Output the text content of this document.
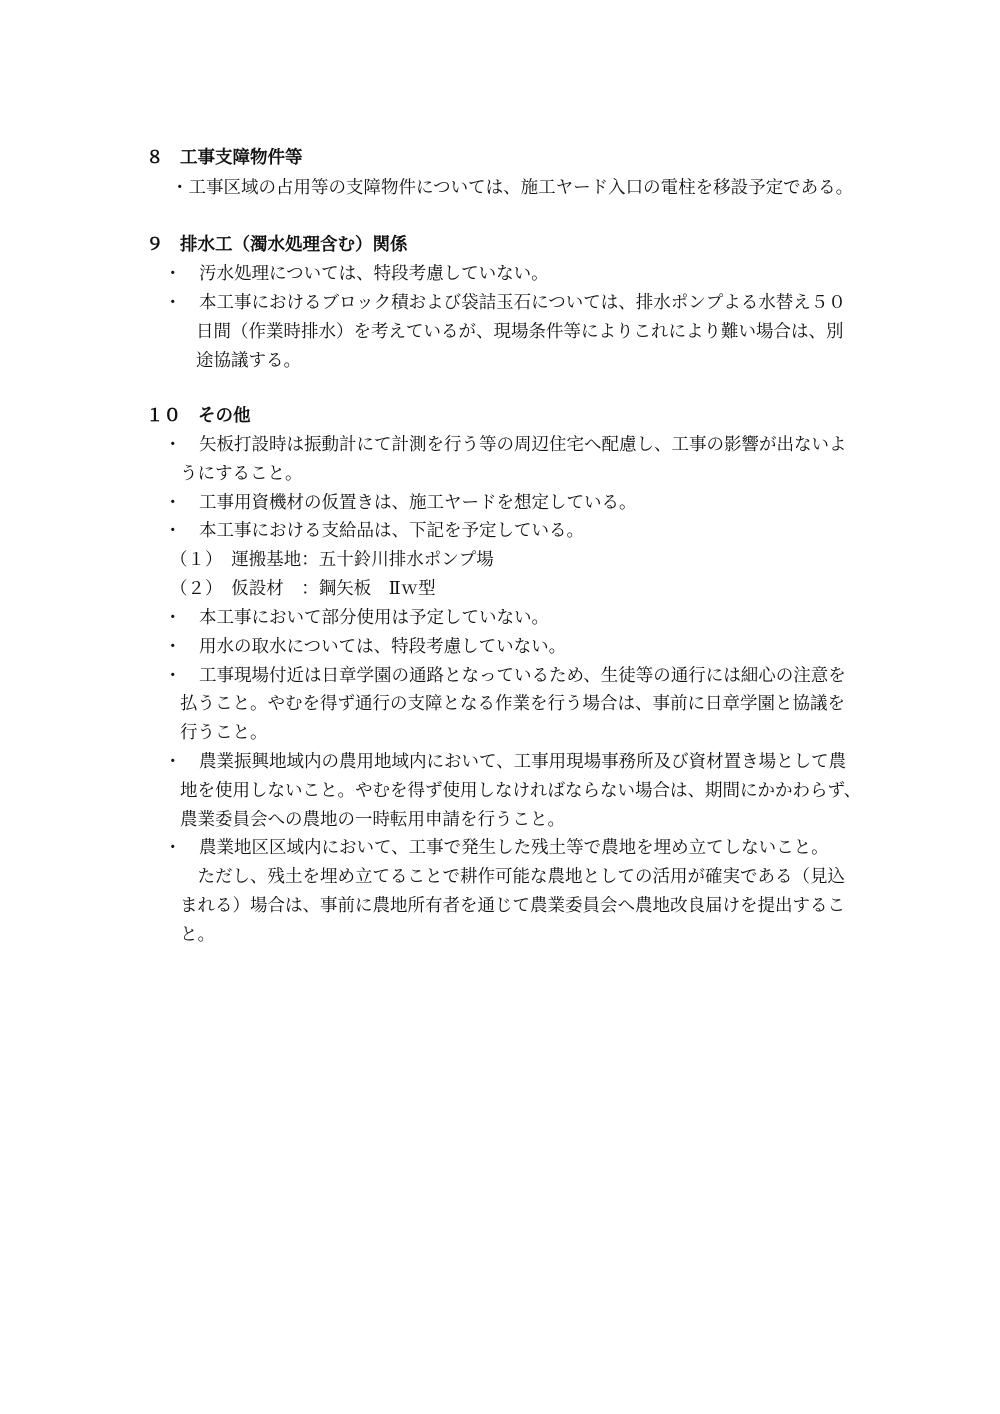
８ 工事支障物件等
・工事区域の占用等の支障物件については、施工ヤード入口の電柱を移設予定である。
９ 排水工（濁水処理含む）関係
・　汚水処理については、特段考慮していない。
・　本工事におけるブロック積および袋詰玉石については、排水ポンプよる水替え５０
日間（作業時排水）を考えているが、現場条件等によりこれにより難い場合は、別
途協議する。
１０ その他
・　矢板打設時は振動計にて計測を行う等の周辺住宅へ配慮し、工事の影響が出ないよ
うにすること。
・　工事用資機材の仮置きは、施工ヤードを想定している。
・　本工事における支給品は、下記を予定している。
（１）　運搬基地：五十鈴川排水ポンプ場
（２）　仮設材　：鋼矢板　Ⅱｗ型
・　本工事において部分使用は予定していない。
・　用水の取水については、特段考慮していない。
・　工事現場付近は日章学園の通路となっているため、生徒等の通行には細心の注意を
払うこと。やむを得ず通行の支障となる作業を行う場合は、事前に日章学園と協議を
行うこと。
・　農業振興地域内の農用地域内において、工事用現場事務所及び資材置き場として農
地を使用しないこと。やむを得ず使用しなければならない場合は、期間にかかわらず、
農業委員会への農地の一時転用申請を行うこと。
・　農業地区区域内において、工事で発生した残土等で農地を埋め立てしないこと。
　ただし、残土を埋め立てることで耕作可能な農地としての活用が確実である（見込
まれる）場合は、事前に農地所有者を通じて農業委員会へ農地改良届けを提出するこ
と。
